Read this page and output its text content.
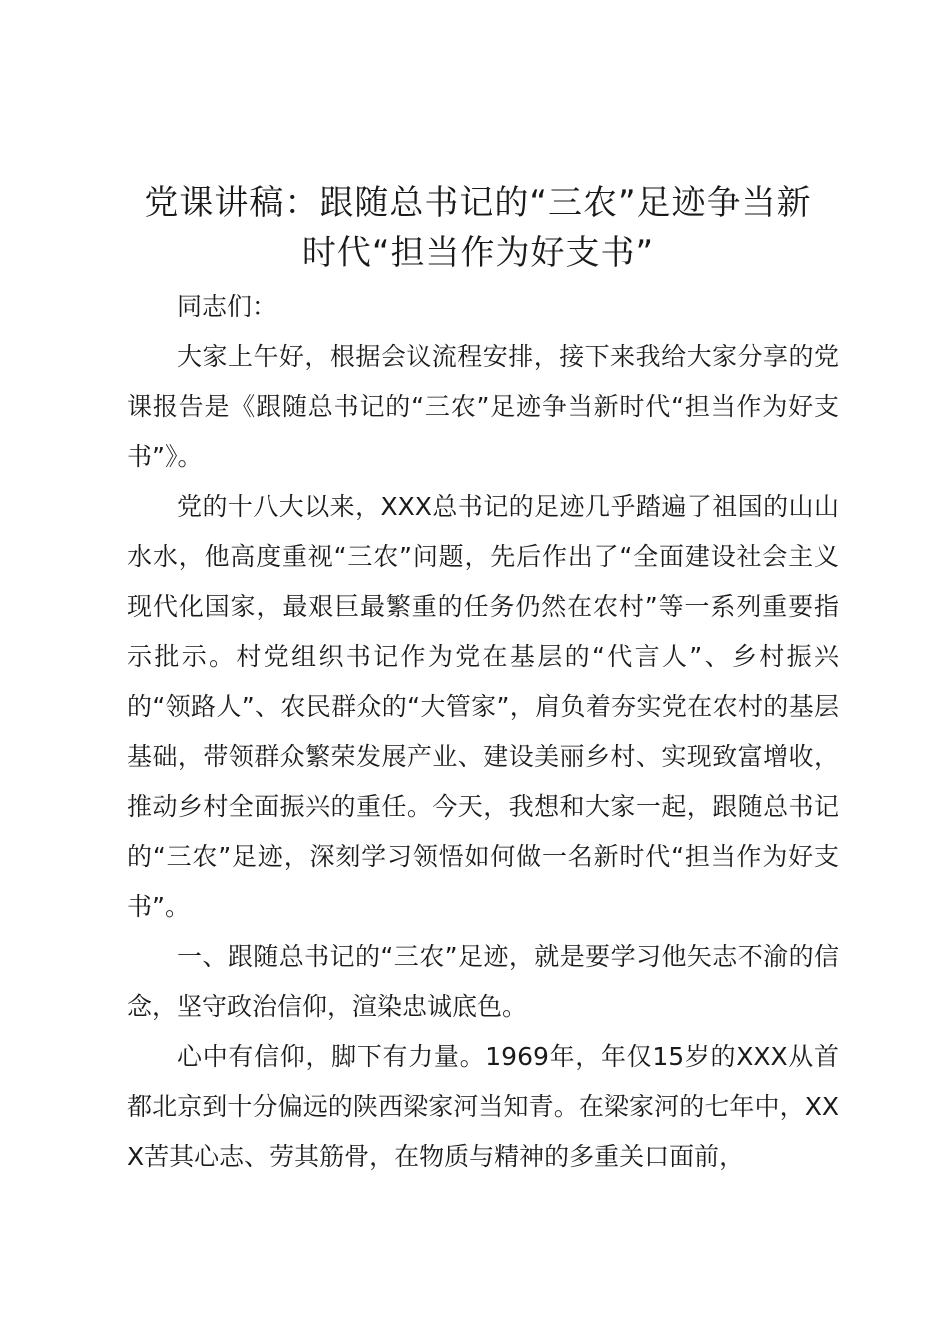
党课讲稿：跟随总书记的“三农”足迹争当新
时代“担当作为好支书”

同志们：

大家上午好，根据会议流程安排，接下来我给大家分享的党课报告是《跟随总书记的“三农”足迹争当新时代“担当作为好支书”》。

党的十八大以来，XXX总书记的足迹几乎踏遍了祖国的山山水水，他高度重视“三农”问题，先后作出了“全面建设社会主义现代化国家，最艰巨最繁重的任务仍然在农村”等一系列重要指示批示。村党组织书记作为党在基层的“代言人”、乡村振兴的“领路人”、农民群众的“大管家”，肩负着夯实党在农村的基层基础，带领群众繁荣发展产业、建设美丽乡村、实现致富增收，推动乡村全面振兴的重任。今天，我想和大家一起，跟随总书记的“三农”足迹，深刻学习领悟如何做一名新时代“担当作为好支书”。

一、跟随总书记的“三农”足迹，就是要学习他矢志不渝的信念，坚守政治信仰，渲染忠诚底色。

心中有信仰，脚下有力量。1969年，年仅15岁的XXX从首都北京到十分偏远的陕西梁家河当知青。在梁家河的七年中，XXX苦其心志、劳其筋骨，在物质与精神的多重关口面前，
